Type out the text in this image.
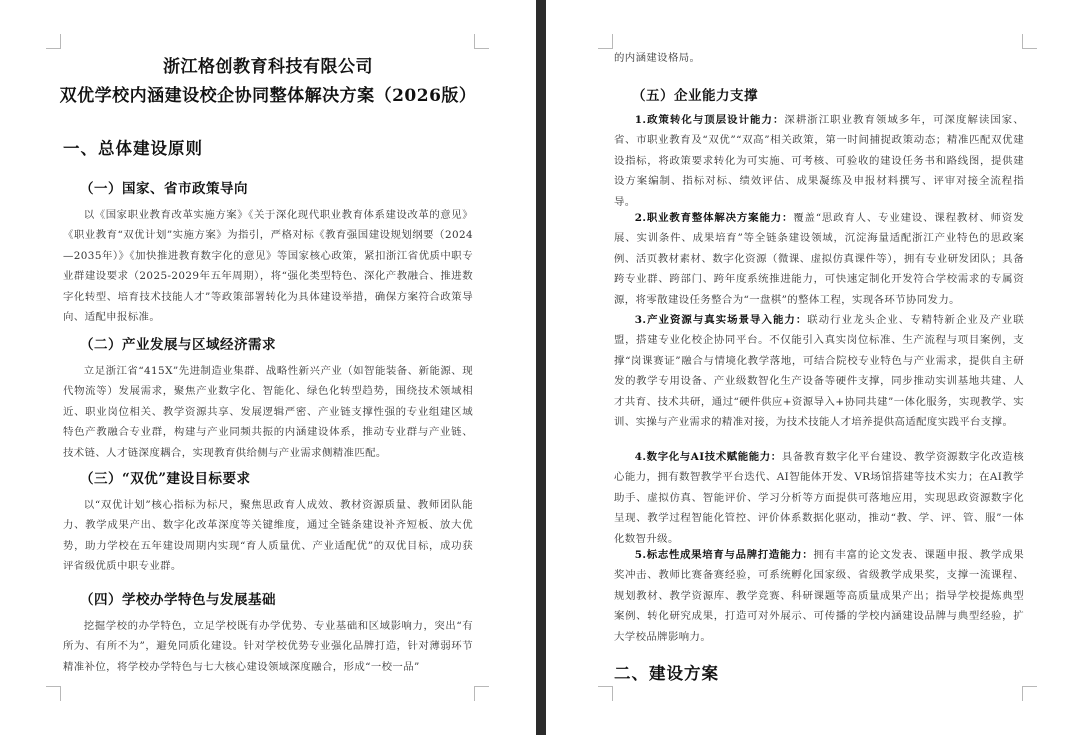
浙江格创教育科技有限公司
双优学校内涵建设校企协同整体解决方案（2026版）
一、总体建设原则
（一）国家、省市政策导向

以《国家职业教育改革实施方案》《关于深化现代职业教育体系建设改革的意见》《职业教育“双优计划”实施方案》为指引，严格对标《教育强国建设规划纲要（2024—2035年）》《加快推进教育数字化的意见》等国家核心政策，紧扣浙江省优质中职专业群建设要求（2025-2029年五年周期），将“强化类型特色、深化产教融合、推进数字化转型、培育技术技能人才”等政策部署转化为具体建设举措，确保方案符合政策导向、适配申报标准。

（二）产业发展与区域经济需求

立足浙江省“415X”先进制造业集群、战略性新兴产业（如智能装备、新能源、现代物流等）发展需求，聚焦产业数字化、智能化、绿色化转型趋势，围绕技术领域相近、职业岗位相关、教学资源共享、发展逻辑严密、产业链支撑性强的专业组建区域特色产教融合专业群，构建与产业同频共振的内涵建设体系，推动专业群与产业链、技术链、人才链深度耦合，实现教育供给侧与产业需求侧精准匹配。

（三）“双优”建设目标要求

以“双优计划”核心指标为标尺，聚焦思政育人成效、教材资源质量、教师团队能力、教学成果产出、数字化改革深度等关键维度，通过全链条建设补齐短板、放大优势，助力学校在五年建设周期内实现“育人质量优、产业适配优”的双优目标，成功获评省级优质中职专业群。

（四）学校办学特色与发展基础

挖掘学校的办学特色，立足学校既有办学优势、专业基础和区域影响力，突出“有所为、有所不为”，避免同质化建设。针对学校优势专业强化品牌打造，针对薄弱环节精准补位，将学校办学特色与七大核心建设领域深度融合，形成“一校一品”

的内涵建设格局。

（五）企业能力支撑

1.政策转化与顶层设计能力：深耕浙江职业教育领域多年，可深度解读国家、省、市职业教育及“双优”“双高”相关政策，第一时间捕捉政策动态；精准匹配双优建设指标，将政策要求转化为可实施、可考核、可验收的建设任务书和路线图，提供建设方案编制、指标对标、绩效评估、成果凝练及申报材料撰写、评审对接全流程指导。

2.职业教育整体解决方案能力：覆盖“思政育人、专业建设、课程教材、师资发展、实训条件、成果培育”等全链条建设领域，沉淀海量适配浙江产业特色的思政案例、活页教材素材、数字化资源（微课、虚拟仿真课件等），拥有专业研发团队；具备跨专业群、跨部门、跨年度系统推进能力，可快速定制化开发符合学校需求的专属资源，将零散建设任务整合为“一盘棋”的整体工程，实现各环节协同发力。

3.产业资源与真实场景导入能力：联动行业龙头企业、专精特新企业及产业联盟，搭建专业化校企协同平台。不仅能引入真实岗位标准、生产流程与项目案例，支撑“岗课赛证”融合与情境化教学落地，可结合院校专业特色与产业需求，提供自主研发的教学专用设备、产业级数智化生产设备等硬件支撑，同步推动实训基地共建、人才共育、技术共研，通过“硬件供应+资源导入+协同共建”一体化服务，实现教学、实训、实操与产业需求的精准对接，为技术技能人才培养提供高适配度实践平台支撑。

4.数字化与AI技术赋能能力：具备教育数字化平台建设、教学资源数字化改造核心能力，拥有数智教学平台迭代、AI智能体开发、VR场馆搭建等技术实力；在AI教学助手、虚拟仿真、智能评价、学习分析等方面提供可落地应用，实现思政资源数字化呈现、教学过程智能化管控、评价体系数据化驱动，推动“教、学、评、管、服”一体化数智升级。

5.标志性成果培育与品牌打造能力：拥有丰富的论文发表、课题申报、教学成果奖冲击、教师比赛备赛经验，可系统孵化国家级、省级教学成果奖，支撑一流课程、规划教材、教学资源库、教学竞赛、科研课题等高质量成果产出；指导学校提炼典型案例、转化研究成果，打造可对外展示、可传播的学校内涵建设品牌与典型经验，扩大学校品牌影响力。

二、建设方案
